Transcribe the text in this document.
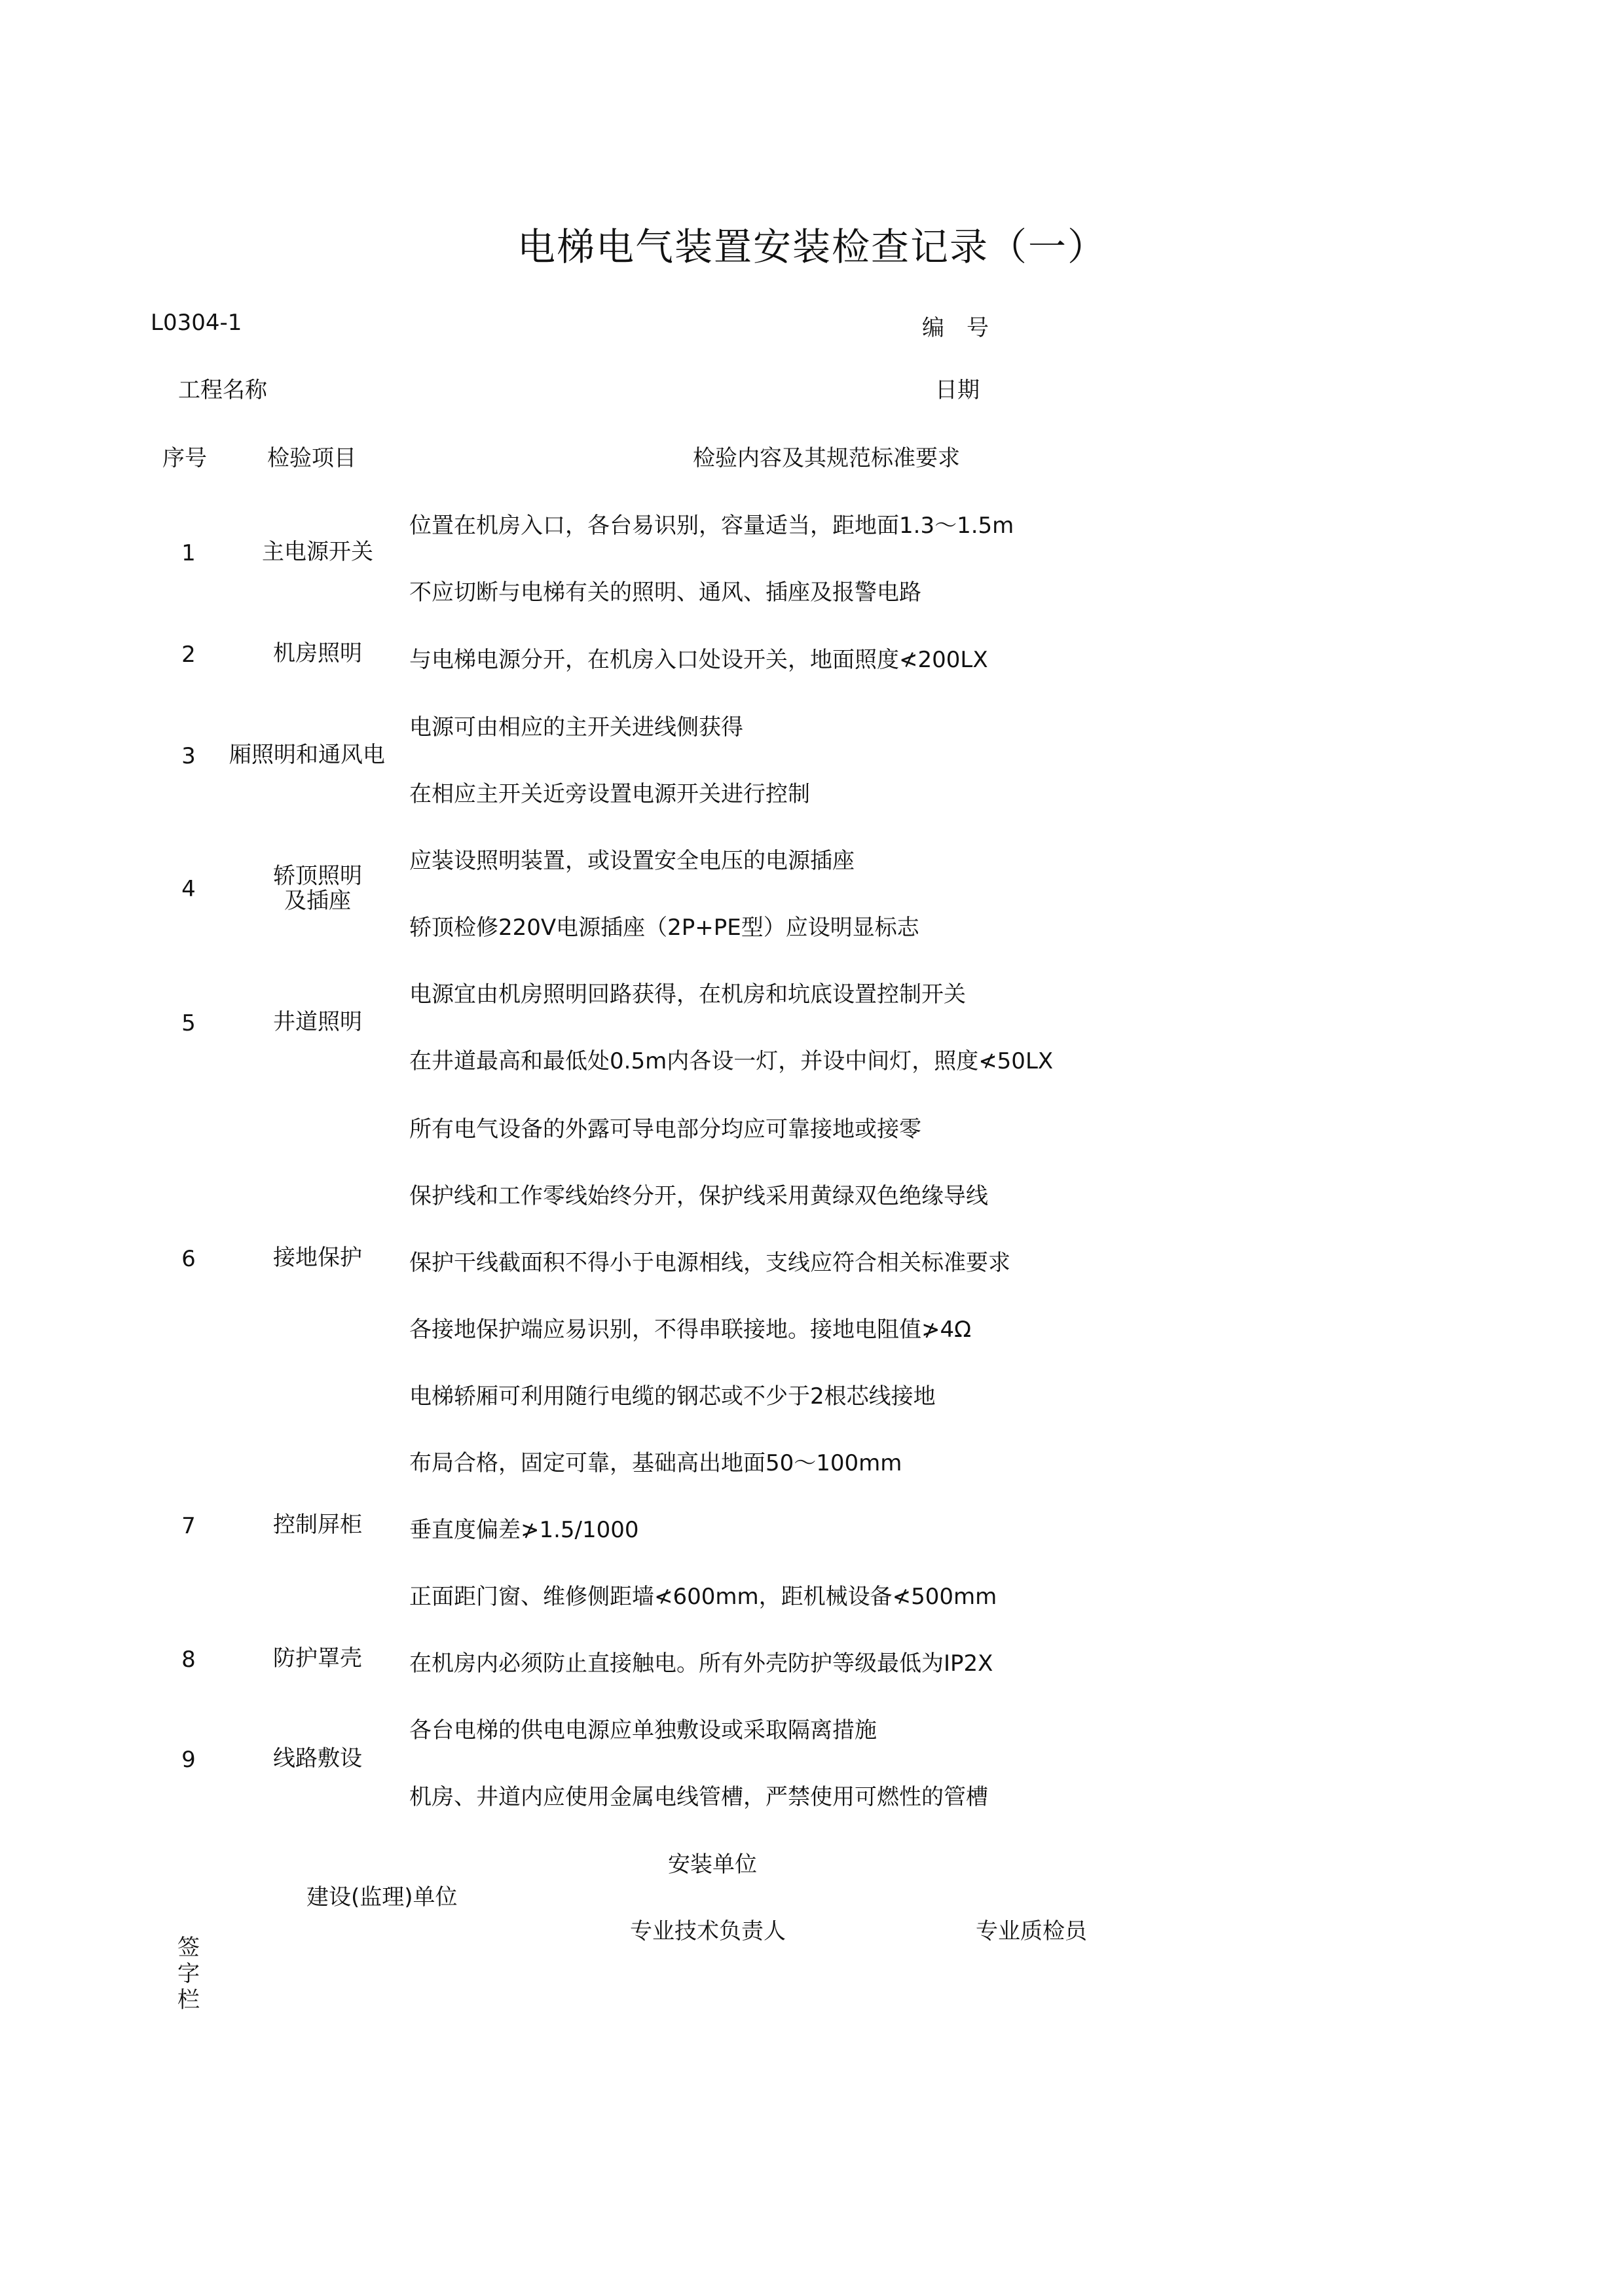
电梯电气装置安装检查记录（一）
L0304-1	编　号
工程名称	日期
序号	检验项目	检验内容及其规范标准要求
1	主电源开关
位置在机房入口，各台易识别，容量适当，距地面1.3～1.5m
不应切断与电梯有关的照明、通风、插座及报警电路
2	机房照明	与电梯电源分开，在机房入口处设开关，地面照度≮200LX
3	厢照明和通风电
电源可由相应的主开关进线侧获得
在相应主开关近旁设置电源开关进行控制
4	轿顶照明
及插座
应装设照明装置，或设置安全电压的电源插座
轿顶检修220V电源插座（2P+PE型）应设明显标志
5	井道照明
电源宜由机房照明回路获得，在机房和坑底设置控制开关
在井道最高和最低处0.5m内各设一灯，并设中间灯，照度≮50LX
6	接地保护
所有电气设备的外露可导电部分均应可靠接地或接零
保护线和工作零线始终分开，保护线采用黄绿双色绝缘导线
保护干线截面积不得小于电源相线，支线应符合相关标准要求
各接地保护端应易识别，不得串联接地。接地电阻值≯4Ω
电梯轿厢可利用随行电缆的钢芯或不少于2根芯线接地
7	控制屏柜
布局合格，固定可靠，基础高出地面50～100mm
垂直度偏差≯1.5/1000
正面距门窗、维修侧距墙≮600mm，距机械设备≮500mm
8	防护罩壳	在机房内必须防止直接触电。所有外壳防护等级最低为IP2X
9	线路敷设
各台电梯的供电电源应单独敷设或采取隔离措施
机房、井道内应使用金属电线管槽，严禁使用可燃性的管槽
安装单位
建设(监理)单位
专业技术负责人	专业质检员
签
字
栏
